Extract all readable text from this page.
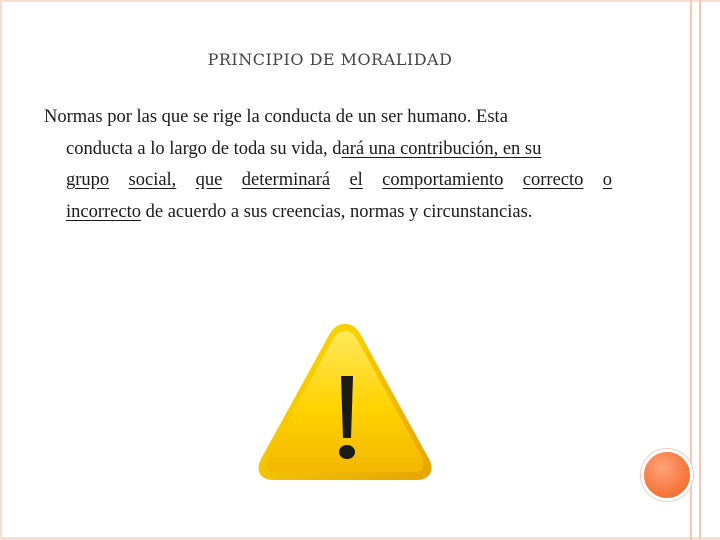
PRINCIPIO DE MORALIDAD
Normas por las que se rige la conducta de un ser humano. Esta
conducta a lo largo de toda su vida, dará una contribución, en su
grupo social, que determinará el comportamiento correcto o
incorrecto de acuerdo a sus creencias, normas y circunstancias.
